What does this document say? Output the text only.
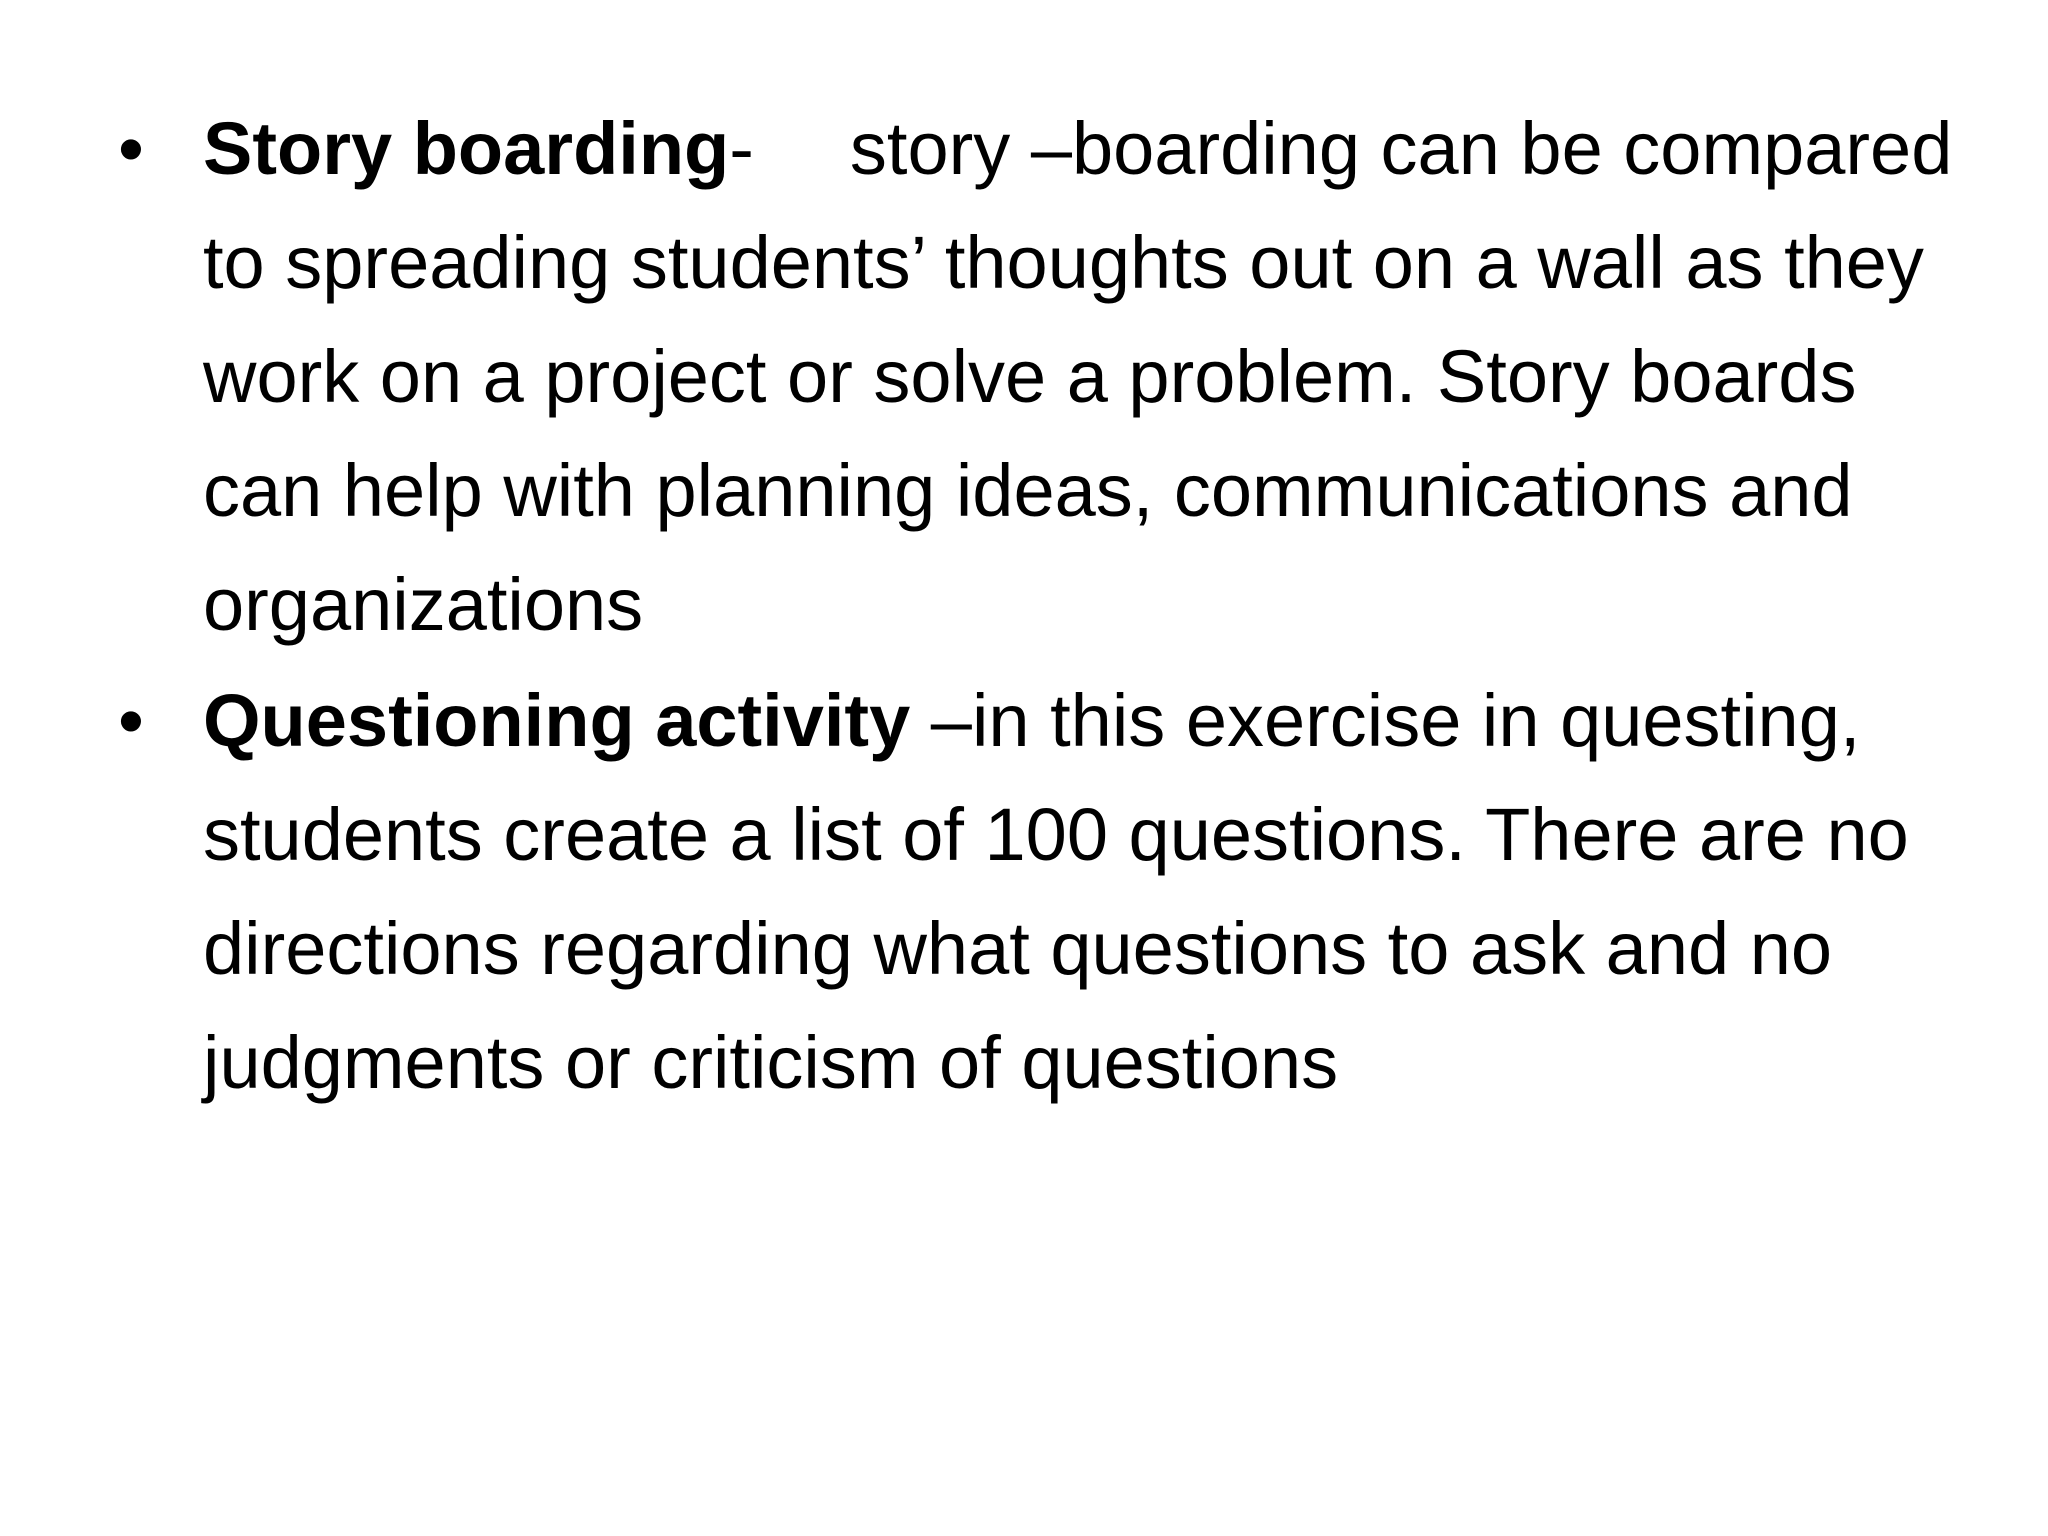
• Story boarding- story –boarding can be compared to spreading students’ thoughts out on a wall as they work on a project or solve a problem. Story boards can help with planning ideas, communications and organizations
• Questioning activity –in this exercise in questing, students create a list of 100 questions. There are no directions regarding what questions to ask and no judgments or criticism of questions
